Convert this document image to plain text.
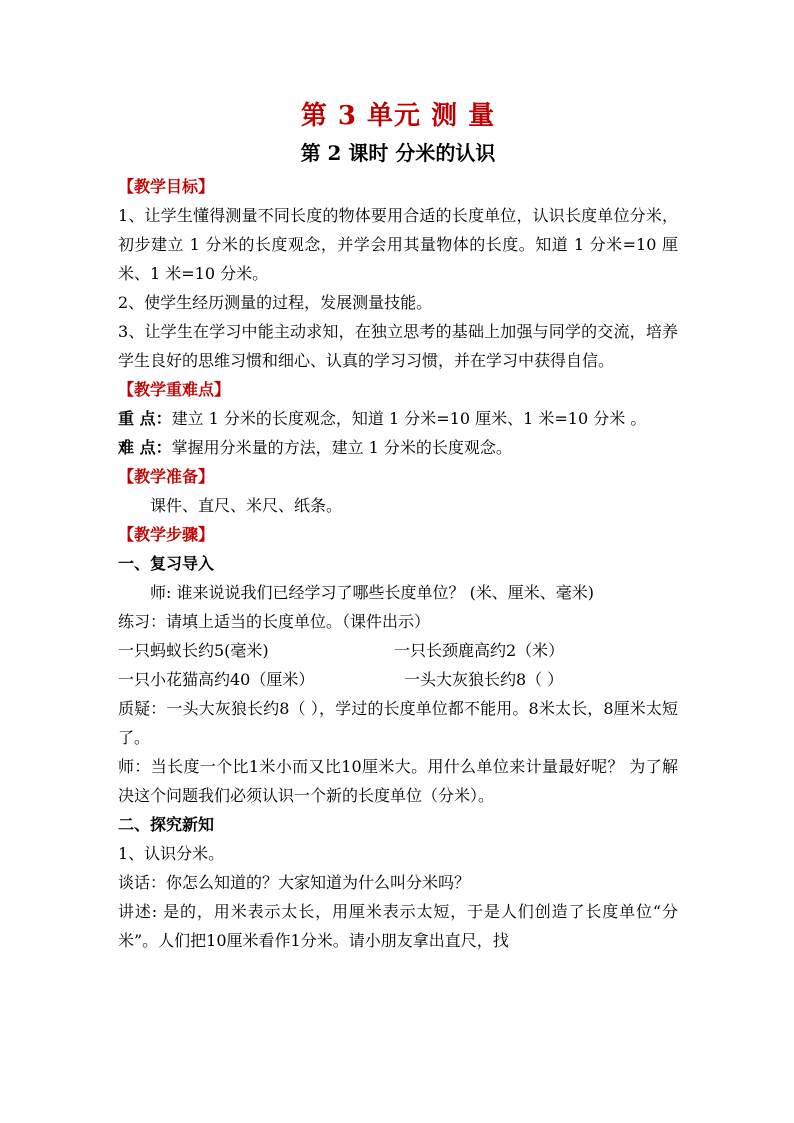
第 3 单元 测 量
第 2 课时 分米的认识

【教学目标】

1、让学生懂得测量不同长度的物体要用合适的长度单位，认识长度单位分米，初步建立 1 分米的长度观念，并学会用其量物体的长度。知道 1 分米=10 厘米、1 米=10 分米。

2、使学生经历测量的过程，发展测量技能。

3、让学生在学习中能主动求知，在独立思考的基础上加强与同学的交流，培养学生良好的思维习惯和细心、认真的学习习惯，并在学习中获得自信。

【教学重难点】

重 点：建立 1 分米的长度观念，知道 1 分米=10 厘米、1 米=10 分米 。

难 点：掌握用分米量的方法，建立 1 分米的长度观念。

【教学准备】

课件、直尺、米尺、纸条。

【教学步骤】

一、复习导入

师: 谁来说说我们已经学习了哪些长度单位？ (米、厘米、毫米)

练习：请填上适当的长度单位。（课件出示）

一只蚂蚁长约5(毫米)	一只长颈鹿高约2（米）
一只小花猫高约40（厘米）	一头大灰狼长约8（ ）

质疑：一头大灰狼长约8（ ），学过的长度单位都不能用。8米太长，8厘米太短了。

师：当长度一个比1米小而又比10厘米大。用什么单位来计量最好呢？ 为了解决这个问题我们必须认识一个新的长度单位（分米）。

二、探究新知

1、认识分米。

谈话：你怎么知道的？大家知道为什么叫分米吗？

讲述: 是的，用米表示太长，用厘米表示太短，于是人们创造了长度单位“分米”。人们把10厘米看作1分米。请小朋友拿出直尺，找
